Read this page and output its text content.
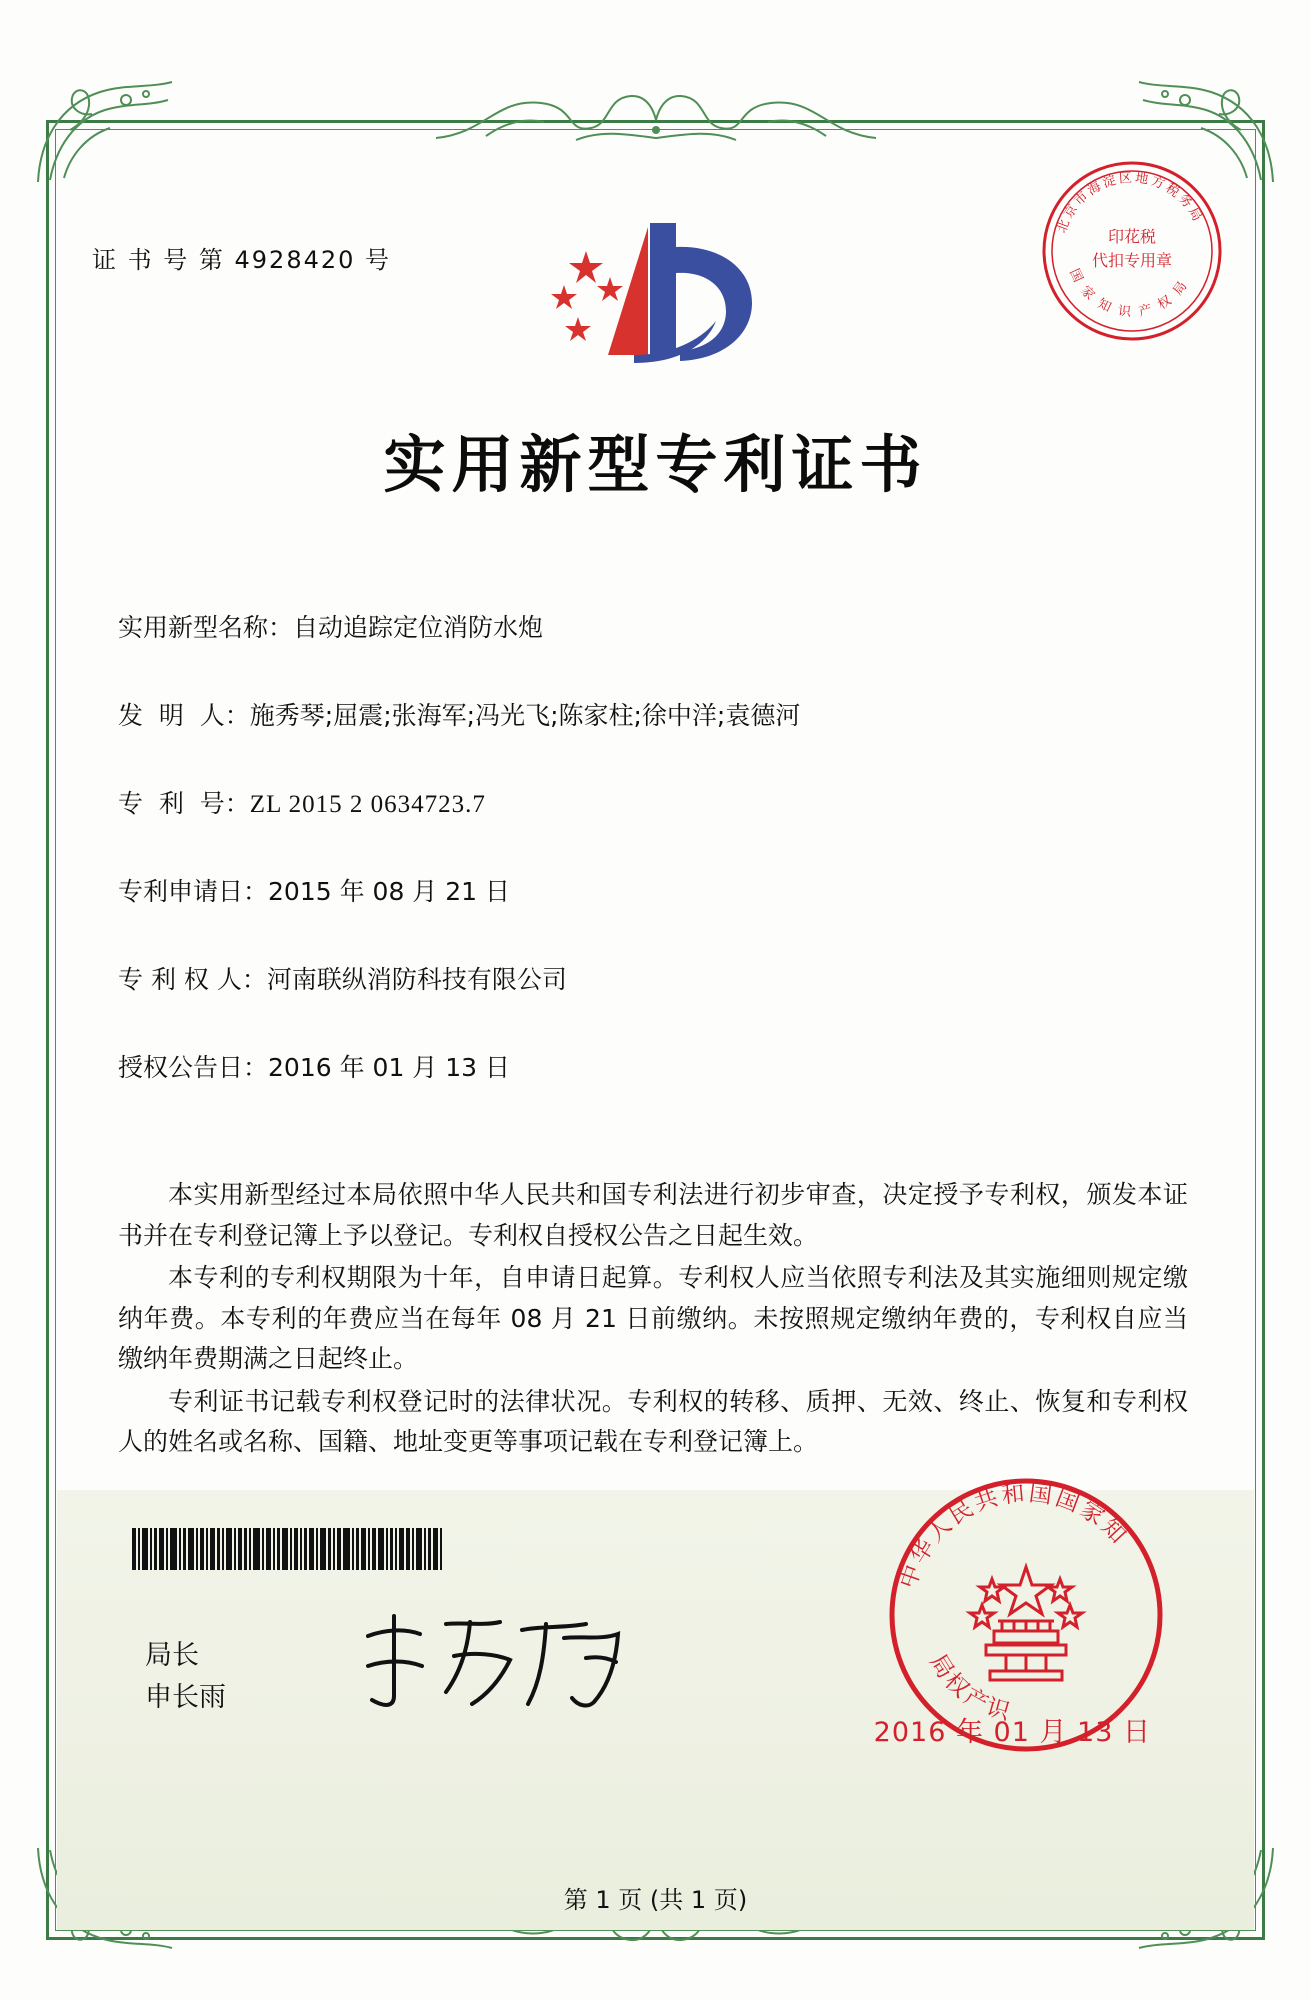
证 书 号 第 4928420 号
北京市海淀区地方税务局
国 家 知 识 产 权 局
印花税
代扣专用章
实用新型专利证书
实用新型名称： 自动追踪定位消防水炮
发  明  人： 施秀琴;屈震;张海军;冯光飞;陈家柱;徐中洋;袁德河
专  利  号： ZL 2015 2 0634723.7
专利申请日： 2015 年 08 月 21 日
专 利 权 人： 河南联纵消防科技有限公司
授权公告日： 2016 年 01 月 13 日

本实用新型经过本局依照中华人民共和国专利法进行初步审查，决定授予专利权，颁发本证书并在专利登记簿上予以登记。专利权自授权公告之日起生效。

本专利的专利权期限为十年，自申请日起算。专利权人应当依照专利法及其实施细则规定缴纳年费。本专利的年费应当在每年 08 月 21 日前缴纳。未按照规定缴纳年费的，专利权自应当缴纳年费期满之日起终止。

专利证书记载专利权登记时的法律状况。专利权的转移、质押、无效、终止、恢复和专利权人的姓名或名称、国籍、地址变更等事项记载在专利登记簿上。

局长
申长雨
中华人民共和国国家知
局权产识
2016 年 01 月 13 日
第 1 页 (共 1 页)
